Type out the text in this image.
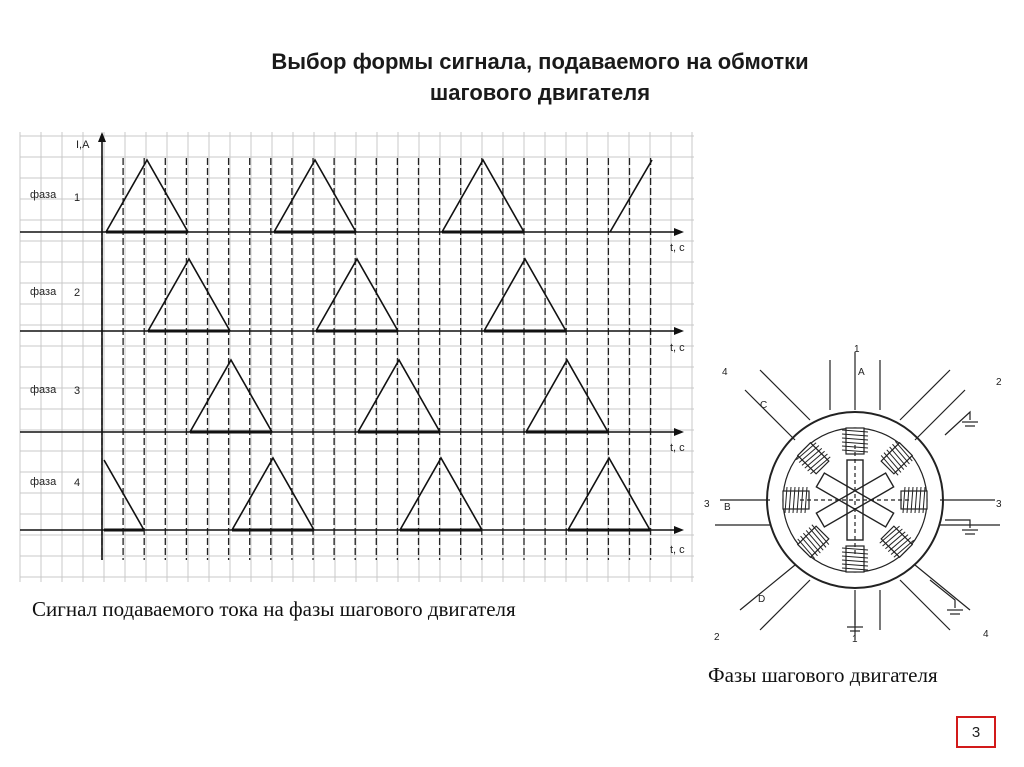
Выбор формы сигнала, подаваемого на обмотки
шагового двигателя
I,A
фаза 1
t, c
фаза 2
t, c
фаза 3
t, c
фаза 4
t, c
1
2
3
4
2
4
1
3
A
C
B
D
Сигнал подаваемого тока на фазы шагового двигателя
Фазы шагового двигателя
3
